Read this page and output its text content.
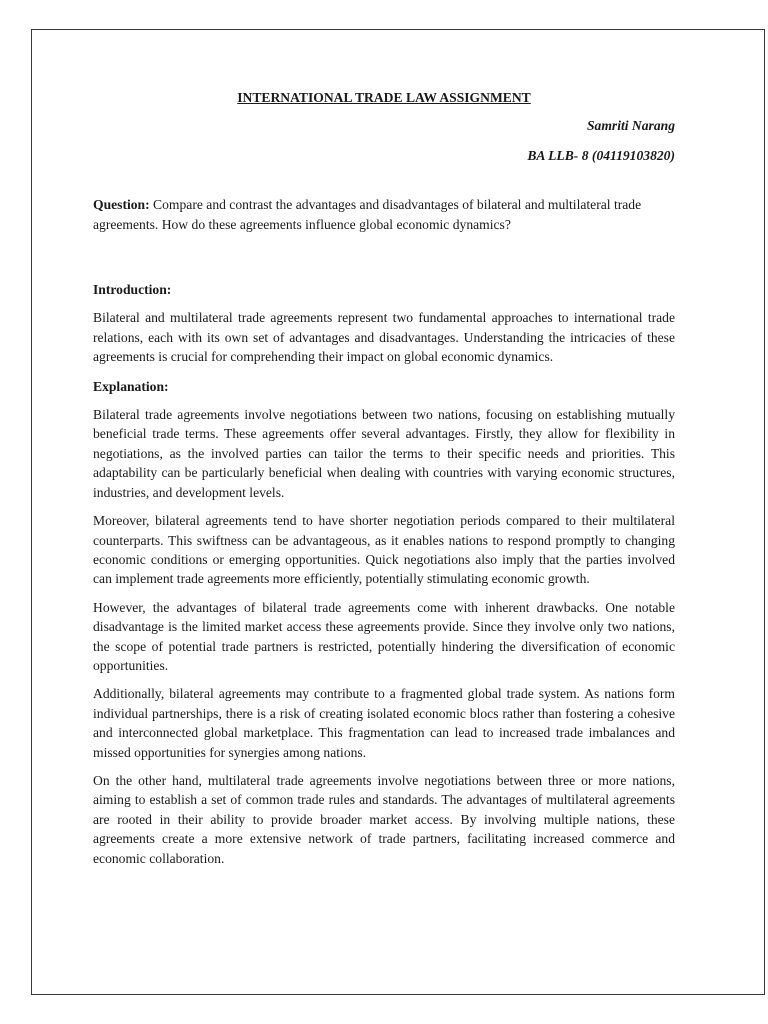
INTERNATIONAL TRADE LAW ASSIGNMENT
Samriti Narang
BA LLB- 8 (04119103820)
Question: Compare and contrast the advantages and disadvantages of bilateral and multilateral trade agreements. How do these agreements influence global economic dynamics?
Introduction:

Bilateral and multilateral trade agreements represent two fundamental approaches to international trade relations, each with its own set of advantages and disadvantages. Understanding the intricacies of these agreements is crucial for comprehending their impact on global economic dynamics.

Explanation:

Bilateral trade agreements involve negotiations between two nations, focusing on establishing mutually beneficial trade terms. These agreements offer several advantages. Firstly, they allow for flexibility in negotiations, as the involved parties can tailor the terms to their specific needs and priorities. This adaptability can be particularly beneficial when dealing with countries with varying economic structures, industries, and development levels.

Moreover, bilateral agreements tend to have shorter negotiation periods compared to their multilateral counterparts. This swiftness can be advantageous, as it enables nations to respond promptly to changing economic conditions or emerging opportunities. Quick negotiations also imply that the parties involved can implement trade agreements more efficiently, potentially stimulating economic growth.

However, the advantages of bilateral trade agreements come with inherent drawbacks. One notable disadvantage is the limited market access these agreements provide. Since they involve only two nations, the scope of potential trade partners is restricted, potentially hindering the diversification of economic opportunities.

Additionally, bilateral agreements may contribute to a fragmented global trade system. As nations form individual partnerships, there is a risk of creating isolated economic blocs rather than fostering a cohesive and interconnected global marketplace. This fragmentation can lead to increased trade imbalances and missed opportunities for synergies among nations.

On the other hand, multilateral trade agreements involve negotiations between three or more nations, aiming to establish a set of common trade rules and standards. The advantages of multilateral agreements are rooted in their ability to provide broader market access. By involving multiple nations, these agreements create a more extensive network of trade partners, facilitating increased commerce and economic collaboration.
